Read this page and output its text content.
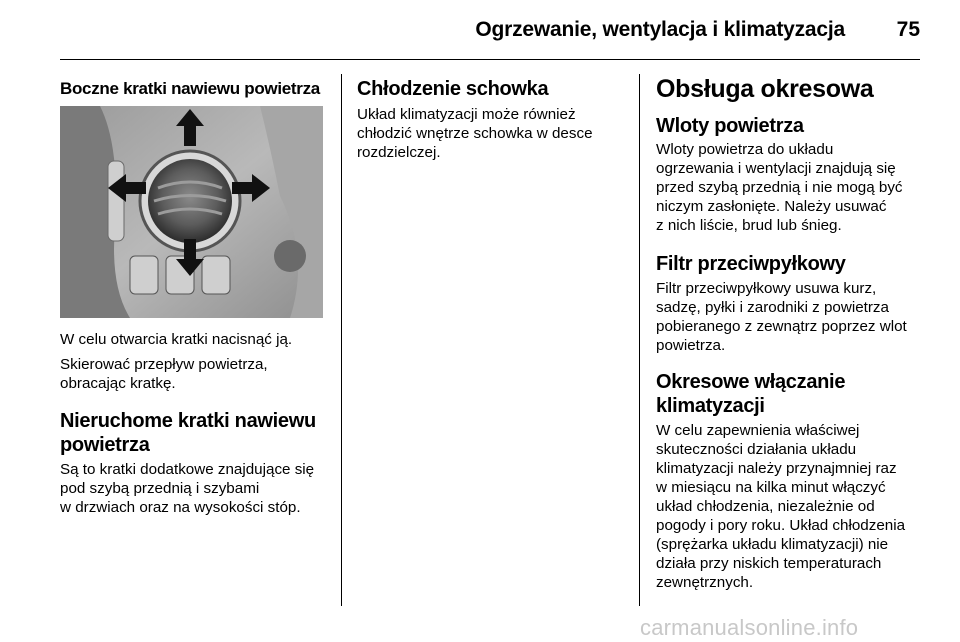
Ogrzewanie, wentylacja i klimatyzacja	75
Boczne kratki nawiewu powietrza

W celu otwarcia kratki nacisnąć ją.

Skierować przepływ powietrza,
obracając kratkę.

Nieruchome kratki nawiewu
powietrza

Są to kratki dodatkowe znajdujące się
pod szybą przednią i szybami
w drzwiach oraz na wysokości stóp.

Chłodzenie schowka

Układ klimatyzacji może również
chłodzić wnętrze schowka w desce
rozdzielczej.

Obsługa okresowa
Wloty powietrza

Wloty powietrza do układu
ogrzewania i wentylacji znajdują się
przed szybą przednią i nie mogą być
niczym zasłonięte. Należy usuwać
z nich liście, brud lub śnieg.

Filtr przeciwpyłkowy

Filtr przeciwpyłkowy usuwa kurz,
sadzę, pyłki i zarodniki z powietrza
pobieranego z zewnątrz poprzez wlot
powietrza.

Okresowe włączanie
klimatyzacji

W celu zapewnienia właściwej
skuteczności działania układu
klimatyzacji należy przynajmniej raz
w miesiącu na kilka minut włączyć
układ chłodzenia, niezależnie od
pogody i pory roku. Układ chłodzenia
(sprężarka układu klimatyzacji) nie
działa przy niskich temperaturach
zewnętrznych.

carmanualsonline.info
